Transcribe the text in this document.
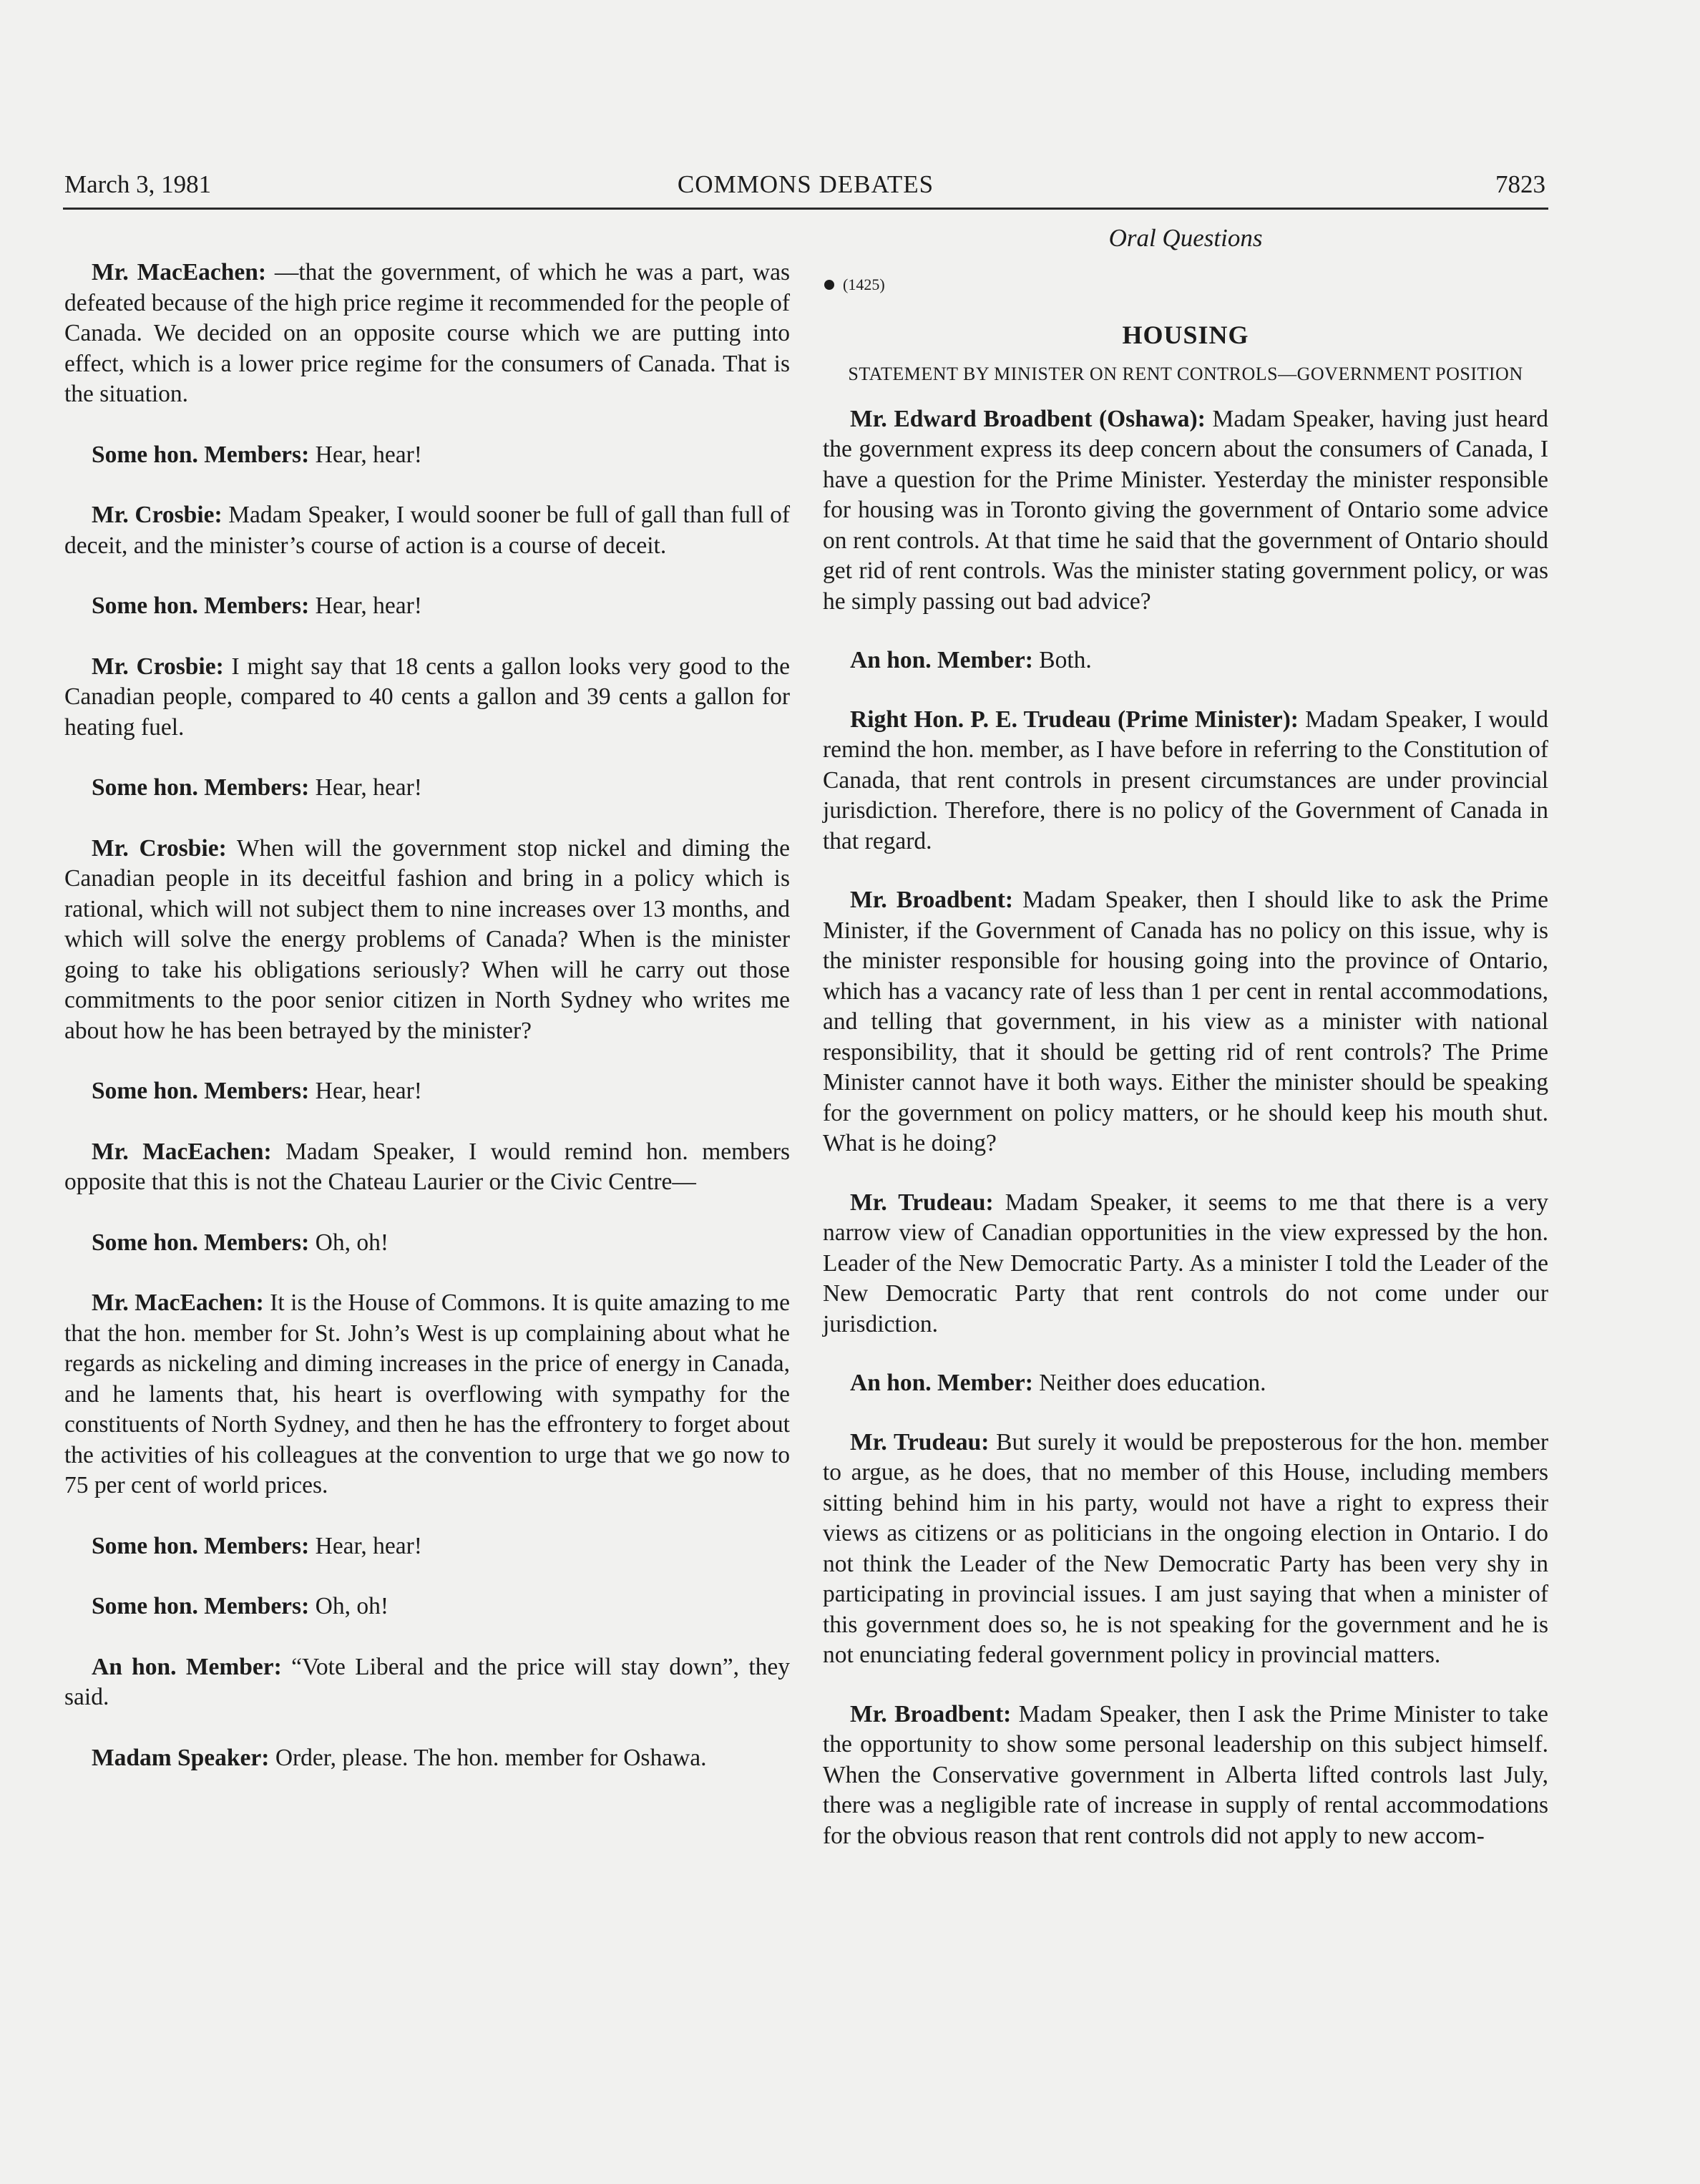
March 3, 1981	COMMONS DEBATES	7823

Mr. MacEachen: —that the government, of which he was a part, was defeated because of the high price regime it recommended for the people of Canada. We decided on an opposite course which we are putting into effect, which is a lower price regime for the consumers of Canada. That is the situation.

Some hon. Members: Hear, hear!

Mr. Crosbie: Madam Speaker, I would sooner be full of gall than full of deceit, and the minister’s course of action is a course of deceit.

Some hon. Members: Hear, hear!

Mr. Crosbie: I might say that 18 cents a gallon looks very good to the Canadian people, compared to 40 cents a gallon and 39 cents a gallon for heating fuel.

Some hon. Members: Hear, hear!

Mr. Crosbie: When will the government stop nickel and diming the Canadian people in its deceitful fashion and bring in a policy which is rational, which will not subject them to nine increases over 13 months, and which will solve the energy problems of Canada? When is the minister going to take his obligations seriously? When will he carry out those commitments to the poor senior citizen in North Sydney who writes me about how he has been betrayed by the minister?

Some hon. Members: Hear, hear!

Mr. MacEachen: Madam Speaker, I would remind hon. members opposite that this is not the Chateau Laurier or the Civic Centre—

Some hon. Members: Oh, oh!

Mr. MacEachen: It is the House of Commons. It is quite amazing to me that the hon. member for St. John’s West is up complaining about what he regards as nickeling and diming increases in the price of energy in Canada, and he laments that, his heart is overflowing with sympathy for the constituents of North Sydney, and then he has the effrontery to forget about the activities of his colleagues at the convention to urge that we go now to 75 per cent of world prices.

Some hon. Members: Hear, hear!

Some hon. Members: Oh, oh!

An hon. Member: “Vote Liberal and the price will stay down”, they said.

Madam Speaker: Order, please. The hon. member for Oshawa.

Oral Questions
(1425)
HOUSING
STATEMENT BY MINISTER ON RENT CONTROLS—GOVERNMENT POSITION

Mr. Edward Broadbent (Oshawa): Madam Speaker, having just heard the government express its deep concern about the consumers of Canada, I have a question for the Prime Minister. Yesterday the minister responsible for housing was in Toronto giving the government of Ontario some advice on rent controls. At that time he said that the government of Ontario should get rid of rent controls. Was the minister stating government policy, or was he simply passing out bad advice?

An hon. Member: Both.

Right Hon. P. E. Trudeau (Prime Minister): Madam Speaker, I would remind the hon. member, as I have before in referring to the Constitution of Canada, that rent controls in present circumstances are under provincial jurisdiction. Therefore, there is no policy of the Government of Canada in that regard.

Mr. Broadbent: Madam Speaker, then I should like to ask the Prime Minister, if the Government of Canada has no policy on this issue, why is the minister responsible for housing going into the province of Ontario, which has a vacancy rate of less than 1 per cent in rental accommodations, and telling that government, in his view as a minister with national responsibility, that it should be getting rid of rent controls? The Prime Minister cannot have it both ways. Either the minister should be speaking for the government on policy matters, or he should keep his mouth shut. What is he doing?

Mr. Trudeau: Madam Speaker, it seems to me that there is a very narrow view of Canadian opportunities in the view expressed by the hon. Leader of the New Democratic Party. As a minister I told the Leader of the New Democratic Party that rent controls do not come under our jurisdiction.

An hon. Member: Neither does education.

Mr. Trudeau: But surely it would be preposterous for the hon. member to argue, as he does, that no member of this House, including members sitting behind him in his party, would not have a right to express their views as citizens or as politicians in the ongoing election in Ontario. I do not think the Leader of the New Democratic Party has been very shy in participating in provincial issues. I am just saying that when a minister of this government does so, he is not speaking for the government and he is not enunciating federal government policy in provincial matters.

Mr. Broadbent: Madam Speaker, then I ask the Prime Minister to take the opportunity to show some personal leadership on this subject himself. When the Conservative government in Alberta lifted controls last July, there was a negligible rate of increase in supply of rental accommodations for the obvious reason that rent controls did not apply to new accom-
